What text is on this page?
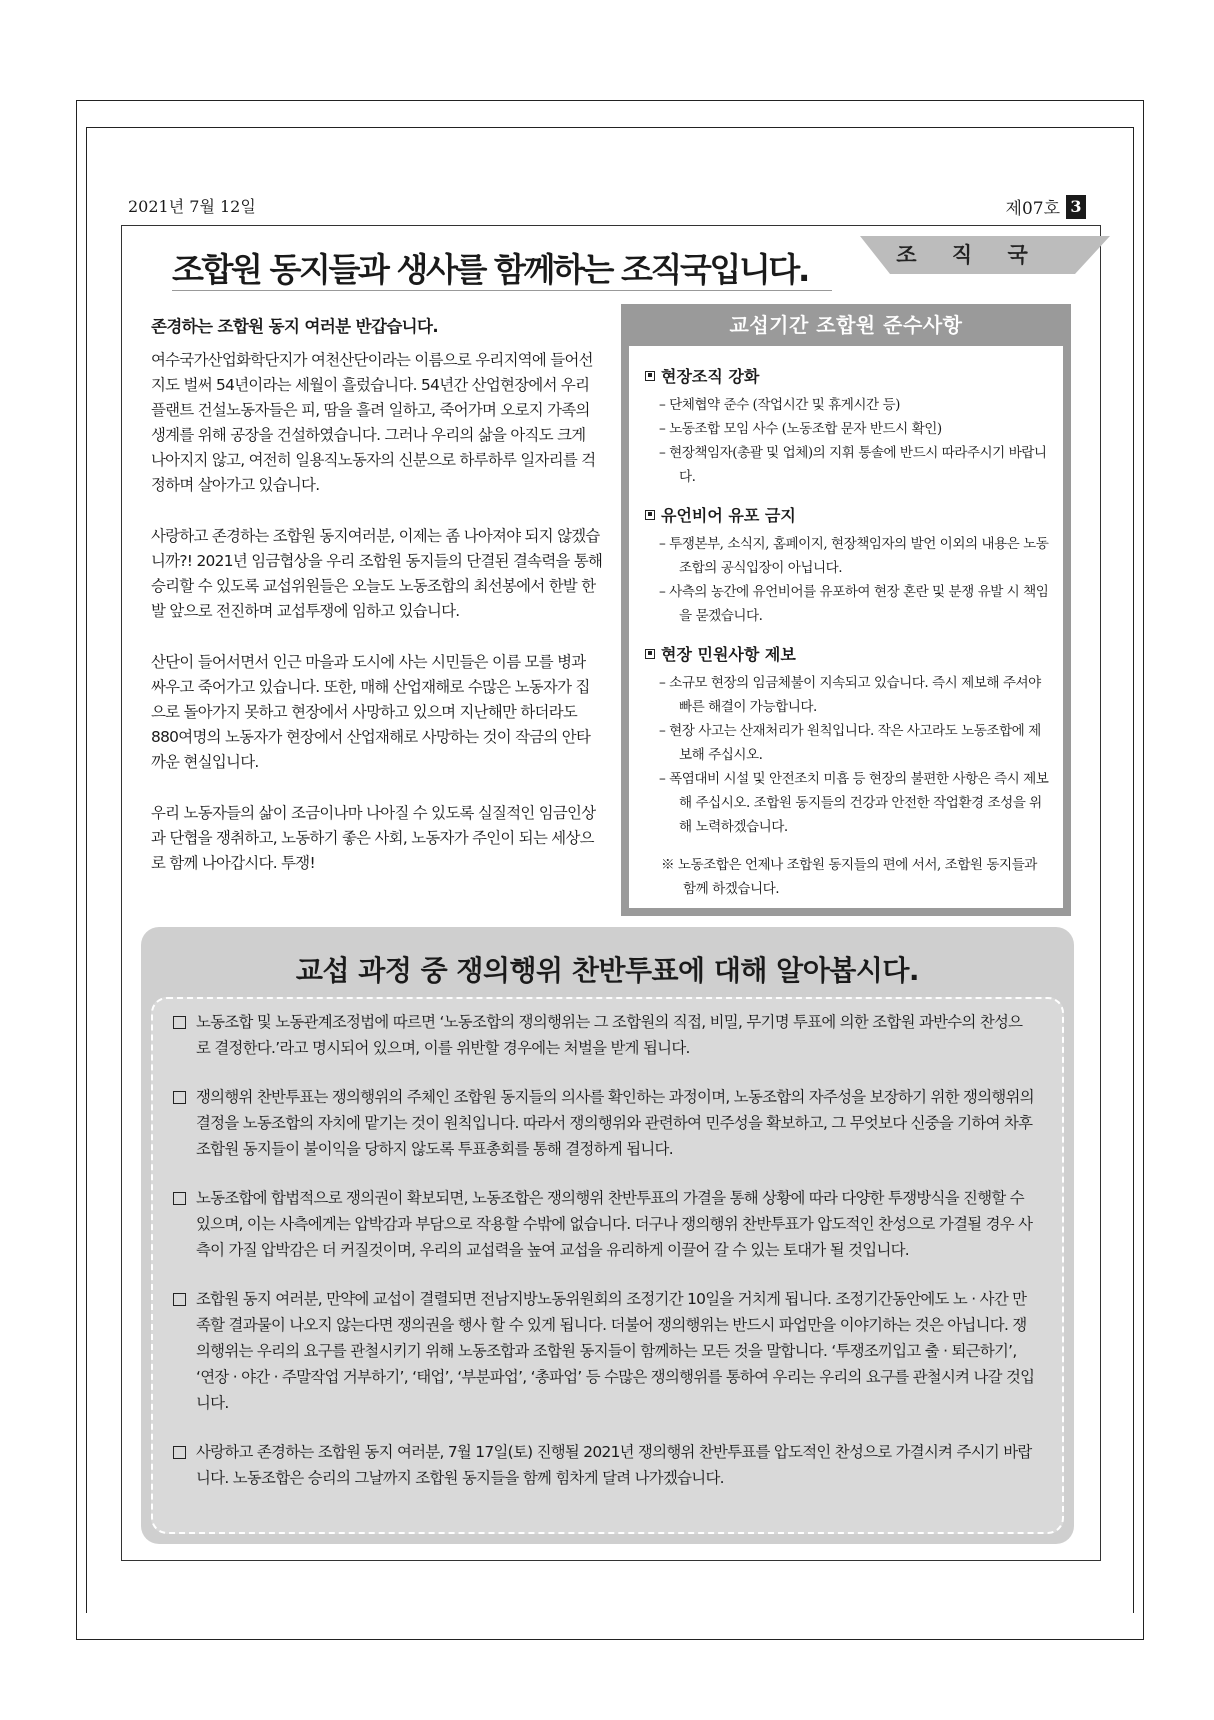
2021년 7월 12일	제07호 3
조 직 국
조합원 동지들과 생사를 함께하는 조직국입니다.
존경하는 조합원 동지 여러분 반갑습니다.

여수국가산업화학단지가 여천산단이라는 이름으로 우리지역에 들어선지도 벌써 54년이라는 세월이 흘렀습니다. 54년간 산업현장에서 우리 플랜트 건설노동자들은 피, 땀을 흘려 일하고, 죽어가며 오로지 가족의 생계를 위해 공장을 건설하였습니다. 그러나 우리의 삶을 아직도 크게 나아지지 않고, 여전히 일용직노동자의 신분으로 하루하루 일자리를 걱정하며 살아가고 있습니다.

사랑하고 존경하는 조합원 동지여러분, 이제는 좀 나아져야 되지 않겠습니까?! 2021년 임금협상을 우리 조합원 동지들의 단결된 결속력을 통해 승리할 수 있도록 교섭위원들은 오늘도 노동조합의 최선봉에서 한발 한발 앞으로 전진하며 교섭투쟁에 임하고 있습니다.

산단이 들어서면서 인근 마을과 도시에 사는 시민들은 이름 모를 병과 싸우고 죽어가고 있습니다. 또한, 매해 산업재해로 수많은 노동자가 집으로 돌아가지 못하고 현장에서 사망하고 있으며 지난해만 하더라도 880여명의 노동자가 현장에서 산업재해로 사망하는 것이 작금의 안타까운 현실입니다.

우리 노동자들의 삶이 조금이나마 나아질 수 있도록 실질적인 임금인상과 단협을 쟁취하고, 노동하기 좋은 사회, 노동자가 주인이 되는 세상으로 함께 나아갑시다. 투쟁!

교섭기간 조합원 준수사항
현장조직 강화
– 단체협약 준수 (작업시간 및 휴게시간 등)
– 노동조합 모임 사수 (노동조합 문자 반드시 확인)
– 현장책임자(총괄 및 업체)의 지휘 통솔에 반드시 따라주시기 바랍니다.
유언비어 유포 금지
– 투쟁본부, 소식지, 홈페이지, 현장책임자의 발언 이외의 내용은 노동조합의 공식입장이 아닙니다.
– 사측의 농간에 유언비어를 유포하여 현장 혼란 및 분쟁 유발 시 책임을 묻겠습니다.
현장 민원사항 제보
– 소규모 현장의 임금체불이 지속되고 있습니다. 즉시 제보해 주셔야 빠른 해결이 가능합니다.
– 현장 사고는 산재처리가 원칙입니다. 작은 사고라도 노동조합에 제보해 주십시오.
– 폭염대비 시설 및 안전조치 미흡 등 현장의 불편한 사항은 즉시 제보해 주십시오. 조합원 동지들의 건강과 안전한 작업환경 조성을 위해 노력하겠습니다.
※ 노동조합은 언제나 조합원 동지들의 편에 서서, 조합원 동지들과 함께 하겠습니다.
교섭 과정 중 쟁의행위 찬반투표에 대해 알아봅시다.
노동조합 및 노동관계조정법에 따르면 ‘노동조합의 쟁의행위는 그 조합원의 직접, 비밀, 무기명 투표에 의한 조합원 과반수의 찬성으로 결정한다.’라고 명시되어 있으며, 이를 위반할 경우에는 처벌을 받게 됩니다.
쟁의행위 찬반투표는 쟁의행위의 주체인 조합원 동지들의 의사를 확인하는 과정이며, 노동조합의 자주성을 보장하기 위한 쟁의행위의 결정을 노동조합의 자치에 맡기는 것이 원칙입니다. 따라서 쟁의행위와 관련하여 민주성을 확보하고, 그 무엇보다 신중을 기하여 차후 조합원 동지들이 불이익을 당하지 않도록 투표총회를 통해 결정하게 됩니다.
노동조합에 합법적으로 쟁의권이 확보되면, 노동조합은 쟁의행위 찬반투표의 가결을 통해 상황에 따라 다양한 투쟁방식을 진행할 수 있으며, 이는 사측에게는 압박감과 부담으로 작용할 수밖에 없습니다. 더구나 쟁의행위 찬반투표가 압도적인 찬성으로 가결될 경우 사측이 가질 압박감은 더 커질것이며, 우리의 교섭력을 높여 교섭을 유리하게 이끌어 갈 수 있는 토대가 될 것입니다.
조합원 동지 여러분, 만약에 교섭이 결렬되면 전남지방노동위원회의 조정기간 10일을 거치게 됩니다. 조정기간동안에도 노 · 사간 만족할 결과물이 나오지 않는다면 쟁의권을 행사 할 수 있게 됩니다. 더불어 쟁의행위는 반드시 파업만을 이야기하는 것은 아닙니다. 쟁의행위는 우리의 요구를 관철시키기 위해 노동조합과 조합원 동지들이 함께하는 모든 것을 말합니다. ‘투쟁조끼입고 출 · 퇴근하기’, ‘연장 · 야간 · 주말작업 거부하기’, ‘태업’, ‘부분파업’, ‘총파업’ 등 수많은 쟁의행위를 통하여 우리는 우리의 요구를 관철시켜 나갈 것입니다.
사랑하고 존경하는 조합원 동지 여러분, 7월 17일(토) 진행될 2021년 쟁의행위 찬반투표를 압도적인 찬성으로 가결시켜 주시기 바랍니다. 노동조합은 승리의 그날까지 조합원 동지들을 함께 힘차게 달려 나가겠습니다.
